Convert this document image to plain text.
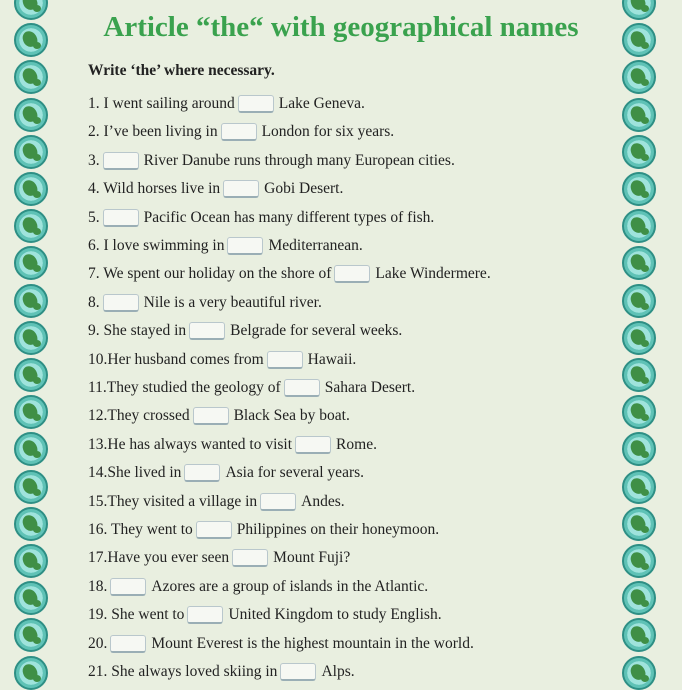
Article “the“ with geographical names
Write ‘the’ where necessary.
1. I went sailing around	Lake Geneva.
2. I’ve been living in	London for six years.
3.	River Danube runs through many European cities.
4. Wild horses live in	Gobi Desert.
5.	Pacific Ocean has many different types of fish.
6. I love swimming in	Mediterranean.
7. We spent our holiday on the shore of	Lake Windermere.
8.	Nile is a very beautiful river.
9. She stayed in	Belgrade for several weeks.
10.Her husband comes from	Hawaii.
11.They studied the geology of	Sahara Desert.
12.They crossed	Black Sea by boat.
13.He has always wanted to visit	Rome.
14.She lived in	Asia for several years.
15.They visited a village in	Andes.
16. They went to	Philippines on their honeymoon.
17.Have you ever seen	Mount Fuji?
18.	Azores are a group of islands in the Atlantic.
19. She went to	United Kingdom to study English.
20.	Mount Everest is the highest mountain in the world.
21. She always loved skiing in	Alps.
